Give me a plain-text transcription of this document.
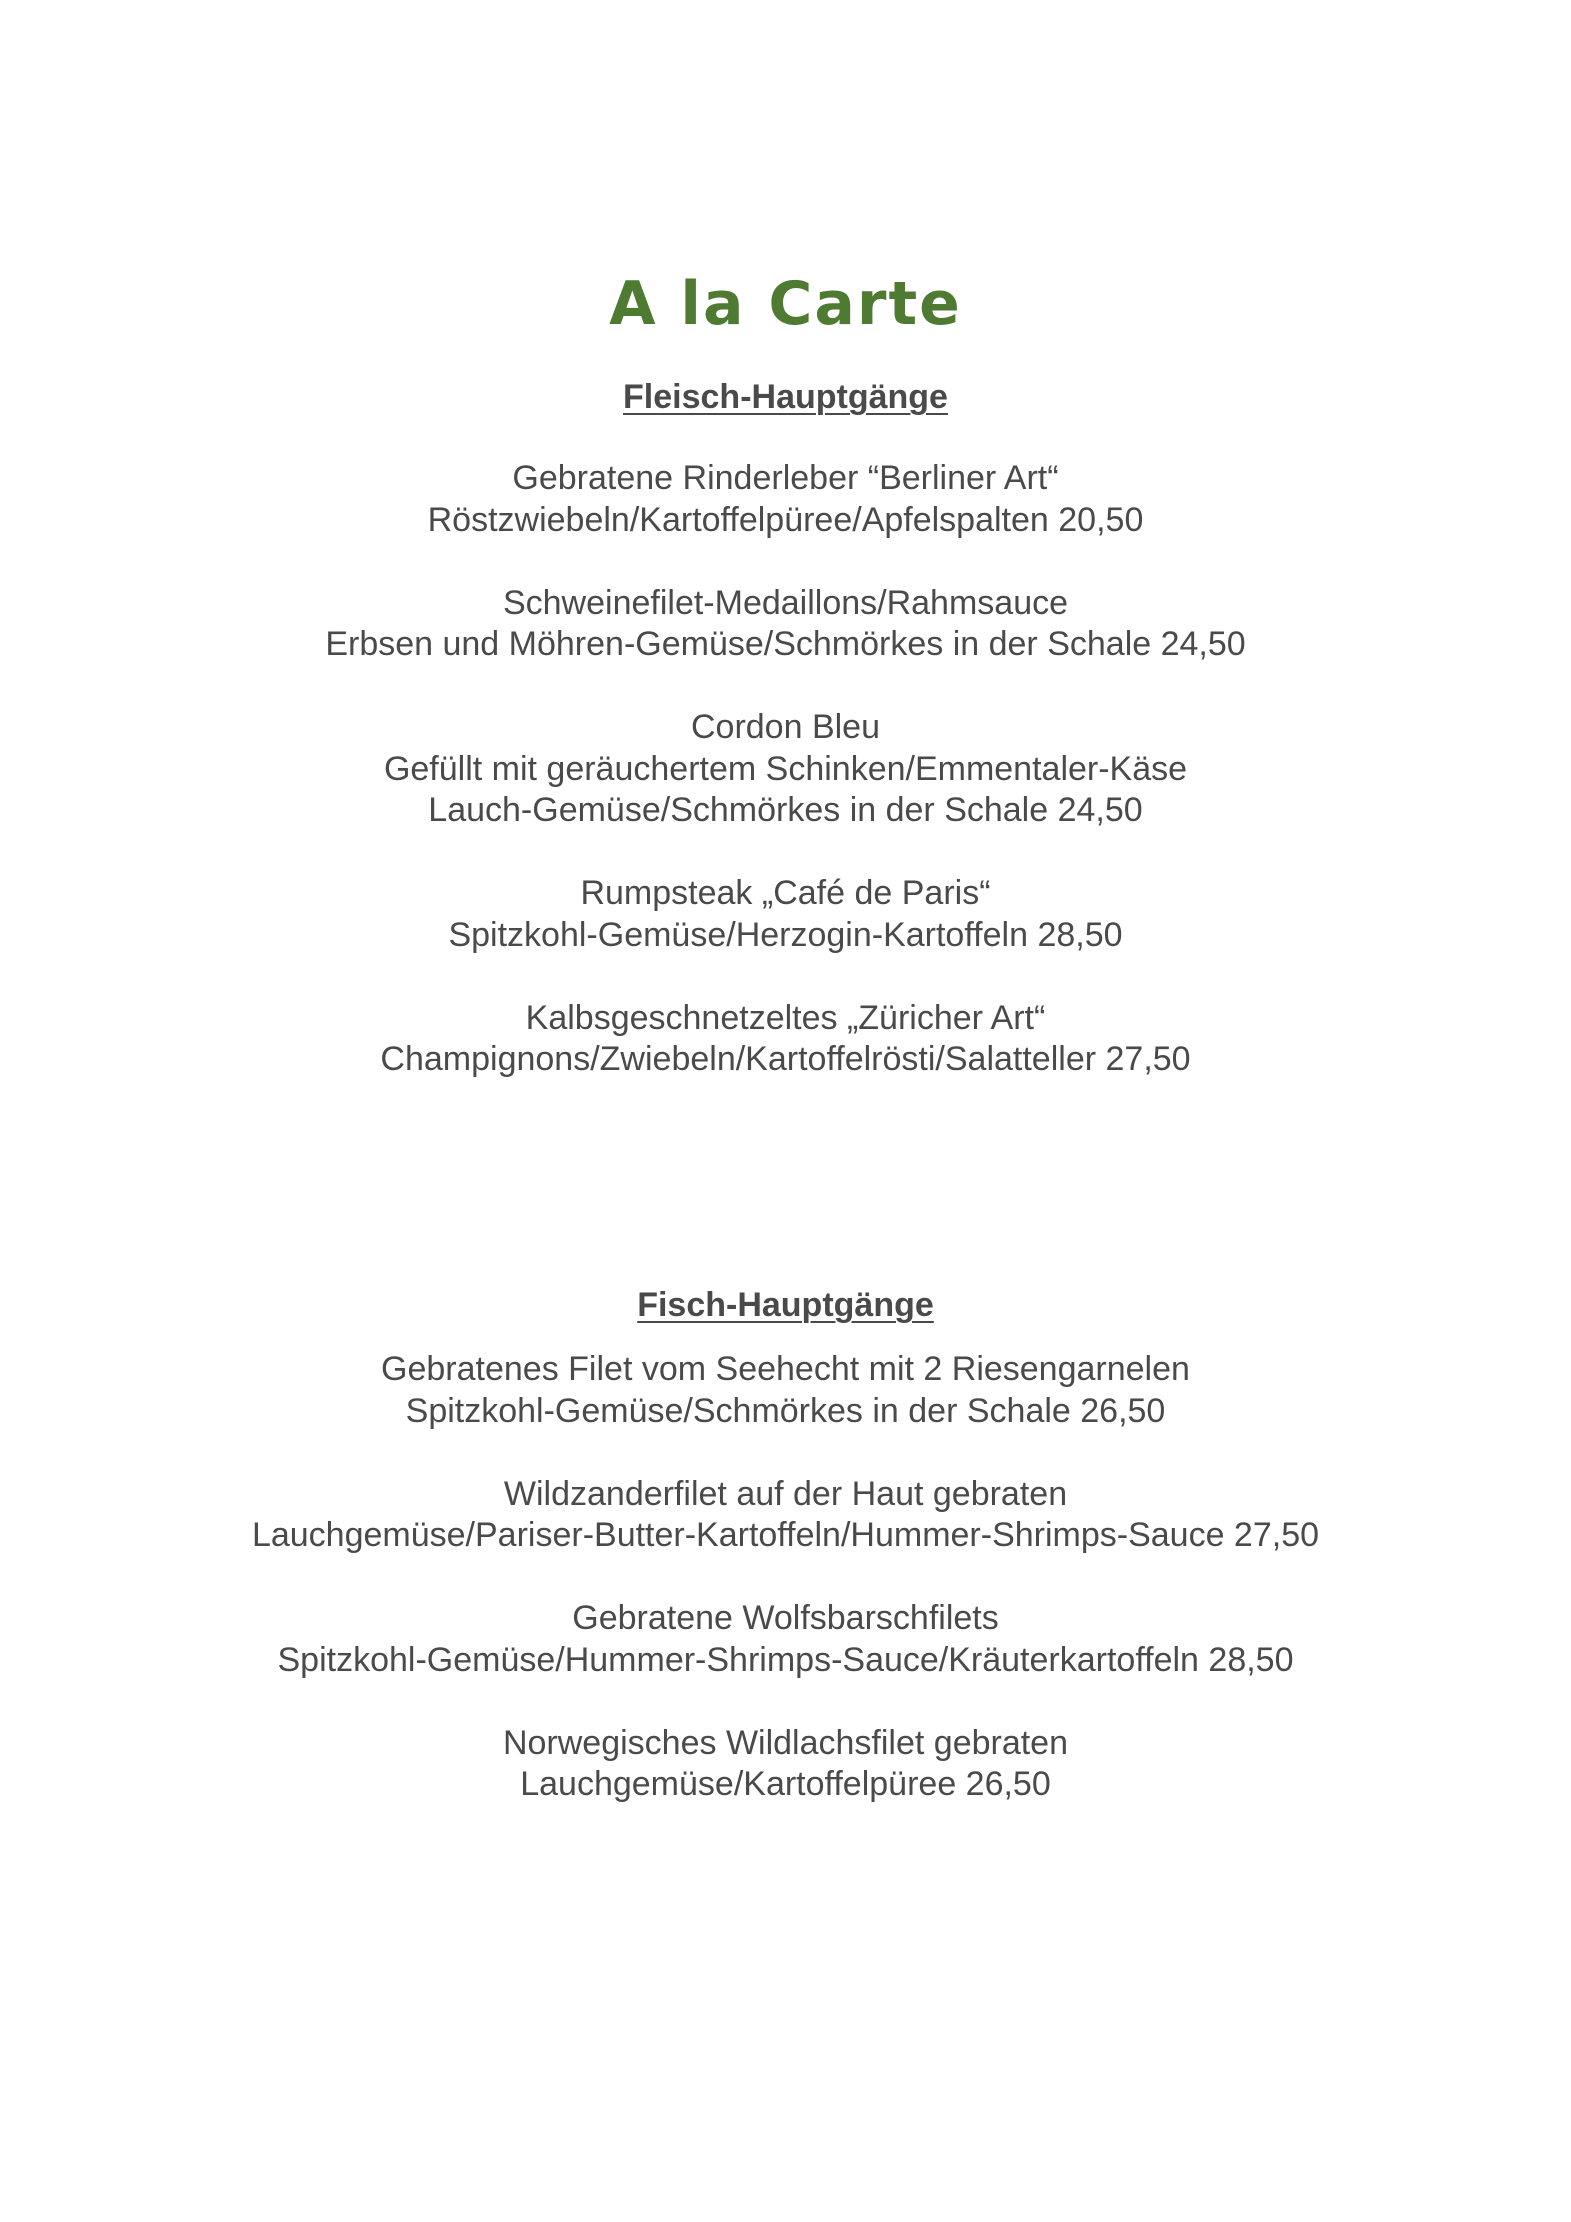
A la Carte
Fleisch-Hauptgänge
Gebratene Rinderleber “Berliner Art“
Röstzwiebeln/Kartoffelpüree/Apfelspalten 20,50
Schweinefilet-Medaillons/Rahmsauce
Erbsen und Möhren-Gemüse/Schmörkes in der Schale 24,50
Cordon Bleu
Gefüllt mit geräuchertem Schinken/Emmentaler-Käse
Lauch-Gemüse/Schmörkes in der Schale 24,50
Rumpsteak „Café de Paris“
Spitzkohl-Gemüse/Herzogin-Kartoffeln 28,50
Kalbsgeschnetzeltes „Züricher Art“
Champignons/Zwiebeln/Kartoffelrösti/Salatteller 27,50
Fisch-Hauptgänge
Gebratenes Filet vom Seehecht mit 2 Riesengarnelen
Spitzkohl-Gemüse/Schmörkes in der Schale 26,50
Wildzanderfilet auf der Haut gebraten
Lauchgemüse/Pariser-Butter-Kartoffeln/Hummer-Shrimps-Sauce 27,50
Gebratene Wolfsbarschfilets
Spitzkohl-Gemüse/Hummer-Shrimps-Sauce/Kräuterkartoffeln 28,50
Norwegisches Wildlachsfilet gebraten
Lauchgemüse/Kartoffelpüree 26,50
